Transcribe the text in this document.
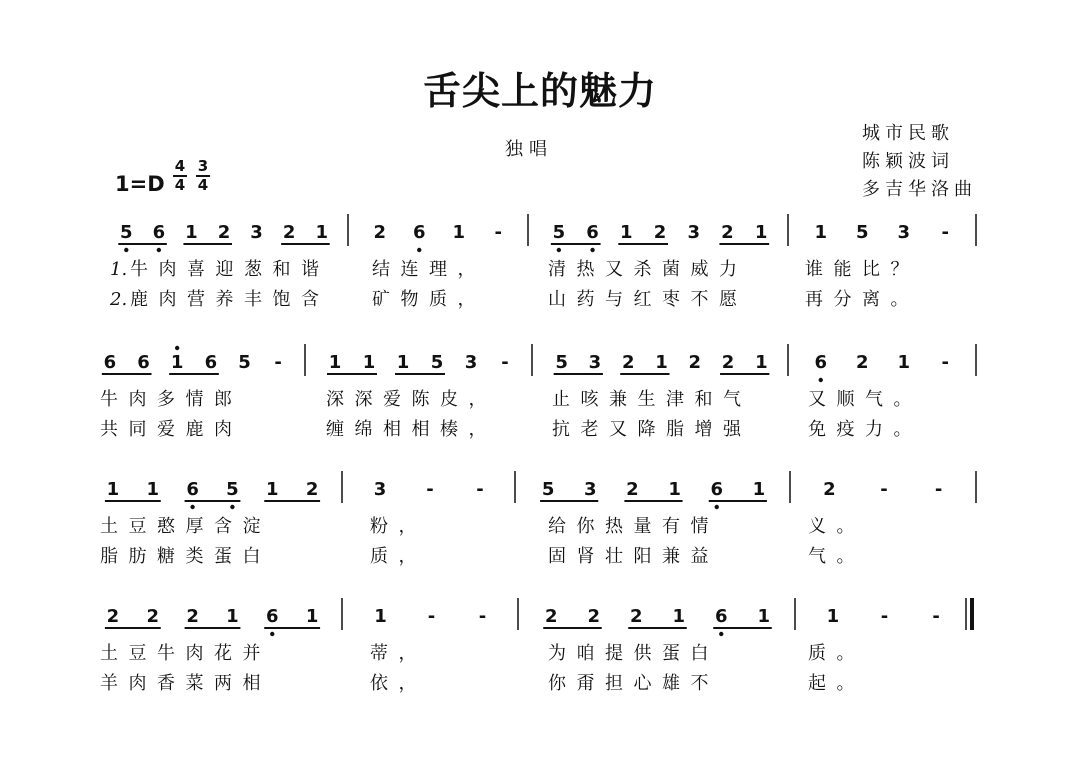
舌尖上的魅力
独唱
城市民歌
陈颖波词
多吉华洛曲
1=D
4
4
3
4
5 6 1 2 3 2 1
1. 牛 肉 喜 迎 葱 和 谐
2. 鹿 肉 营 养 丰 饱 含
2 6 1 -
结 连 理 ，
矿 物 质 ，
5 6 1 2 3 2 1
清 热 又 杀 菌 威 力
山 药 与 红 枣 不 愿
1 5 3 -
谁 能 比 ？
再 分 离 。
6 6 1 6 5 -
牛 肉 多 情 郎
共 同 爱 鹿 肉
1 1 1 5 3 -
深 深 爱 陈 皮 ，
缠 绵 相 相 楱 ，
5 3 2 1 2 2 1
止 咳 兼 生 津 和 气
抗 老 又 降 脂 增 强
6 2 1 -
又 顺 气 。
免 疫 力 。
1 1 6 5 1 2
土 豆 憨 厚 含 淀
脂 肪 糖 类 蛋 白
3 - -
粉 ，
质 ，
5 3 2 1 6 1
给 你 热 量 有 情
固 肾 壮 阳 兼 益
2 -	-
义 。
气 。
2 2 2 1 6 1
土 豆 牛 肉 花 并
羊 肉 香 菜 两 相
1 - -
蒂 ，
依 ，
2 2 2 1 6 1
为 咱 提 供 蛋 白
你 甭 担 心 雄 不
1 - -
质 。
起 。
